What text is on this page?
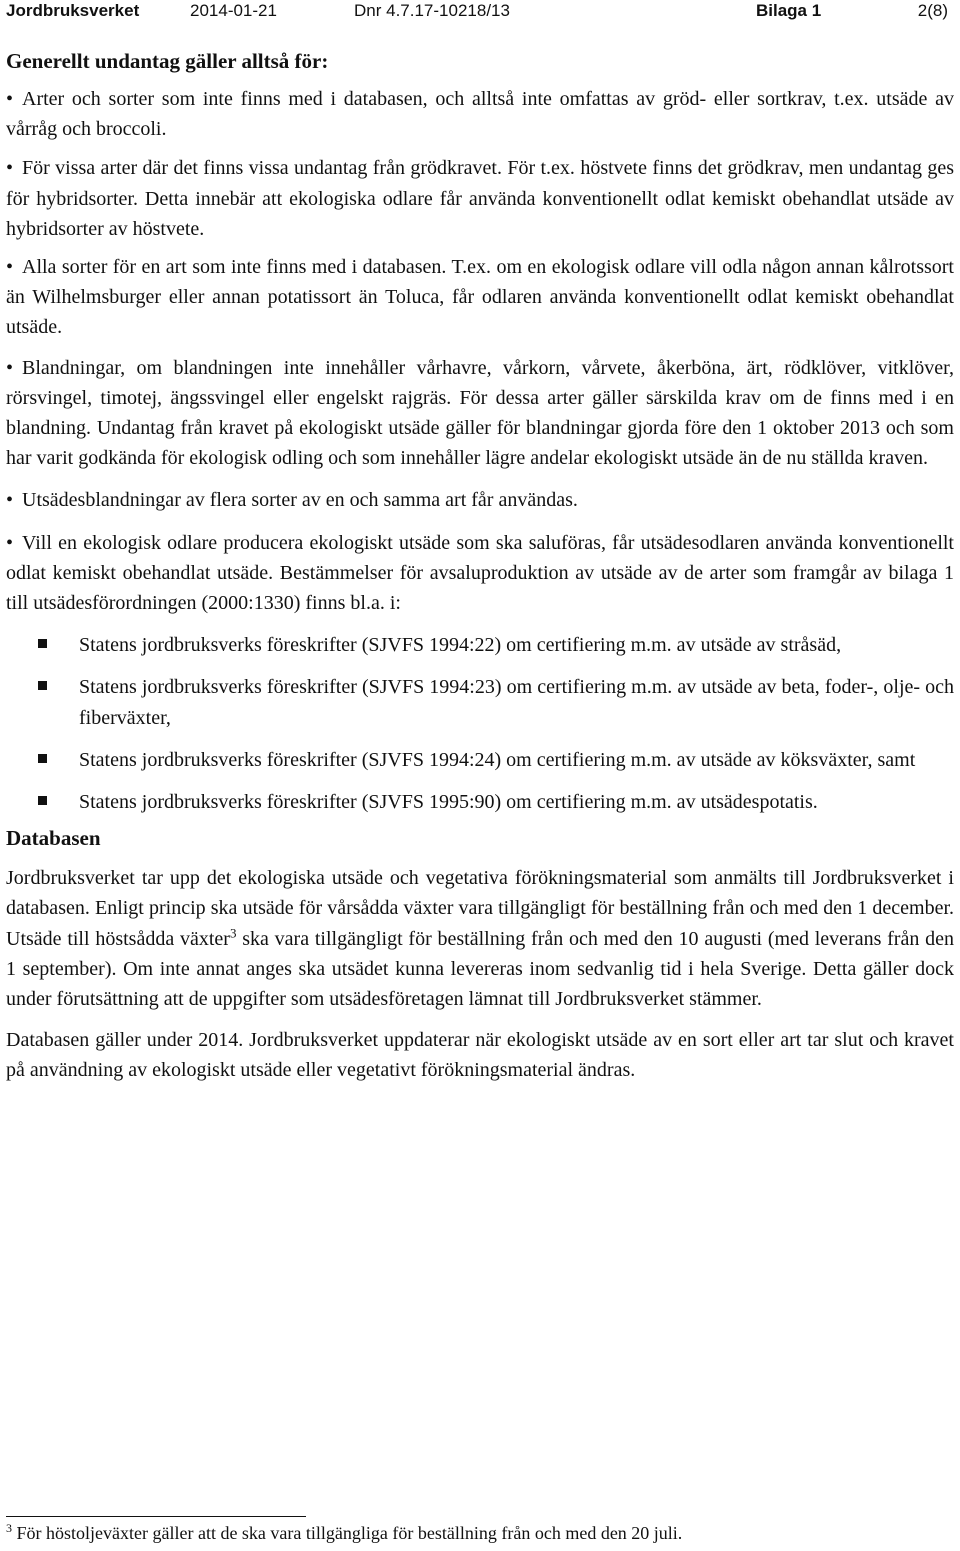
Jordbruksverket	2014-01-21	Dnr 4.7.17-10218/13	Bilaga 1	2(8)
Generellt undantag gäller alltså för:

• Arter och sorter som inte finns med i databasen, och alltså inte omfattas av gröd- eller sortkrav, t.ex. utsäde av vårråg och broccoli.

• För vissa arter där det finns vissa undantag från grödkravet. För t.ex. höstvete finns det grödkrav, men undantag ges för hybridsorter. Detta innebär att ekologiska odlare får använda konventionellt odlat kemiskt obehandlat utsäde av hybridsorter av höstvete.

• Alla sorter för en art som inte finns med i databasen. T.ex. om en ekologisk odlare vill odla någon annan kålrotssort än Wilhelmsburger eller annan potatissort än Toluca, får odlaren använda konventionellt odlat kemiskt obehandlat utsäde.

• Blandningar, om blandningen inte innehåller vårhavre, vårkorn, vårvete, åkerböna, ärt, rödklöver, vitklöver, rörsvingel, timotej, ängssvingel eller engelskt rajgräs. För dessa arter gäller särskilda krav om de finns med i en blandning. Undantag från kravet på ekologiskt utsäde gäller för blandningar gjorda före den 1 oktober 2013 och som har varit godkända för ekologisk odling och som innehåller lägre andelar ekologiskt utsäde än de nu ställda kraven.

• Utsädesblandningar av flera sorter av en och samma art får användas.

• Vill en ekologisk odlare producera ekologiskt utsäde som ska saluföras, får utsädesodlaren använda konventionellt odlat kemiskt obehandlat utsäde. Bestämmelser för avsaluproduktion av utsäde av de arter som framgår av bilaga 1 till utsädesförordningen (2000:1330) finns bl.a. i:

Statens jordbruksverks föreskrifter (SJVFS 1994:22) om certifiering m.m. av utsäde av stråsäd,

Statens jordbruksverks föreskrifter (SJVFS 1994:23) om certifiering m.m. av utsäde av beta, foder-, olje- och fiberväxter,

Statens jordbruksverks föreskrifter (SJVFS 1994:24) om certifiering m.m. av utsäde av köksväxter, samt

Statens jordbruksverks föreskrifter (SJVFS 1995:90) om certifiering m.m. av utsädespotatis.

Databasen

Jordbruksverket tar upp det ekologiska utsäde och vegetativa förökningsmaterial som anmälts till Jordbruksverket i databasen. Enligt princip ska utsäde för vårsådda växter vara tillgängligt för beställning från och med den 1 december. Utsäde till höstsådda växter$^3$ ska vara tillgängligt för beställning från och med den 10 augusti (med leverans från den 1 september). Om inte annat anges ska utsädet kunna levereras inom sedvanlig tid i hela Sverige. Detta gäller dock under förutsättning att de uppgifter som utsädesföretagen lämnat till Jordbruksverket stämmer.

Databasen gäller under 2014. Jordbruksverket uppdaterar när ekologiskt utsäde av en sort eller art tar slut och kravet på användning av ekologiskt utsäde eller vegetativt förökningsmaterial ändras.

$^3$ För höstoljeväxter gäller att de ska vara tillgängliga för beställning från och med den 20 juli.
